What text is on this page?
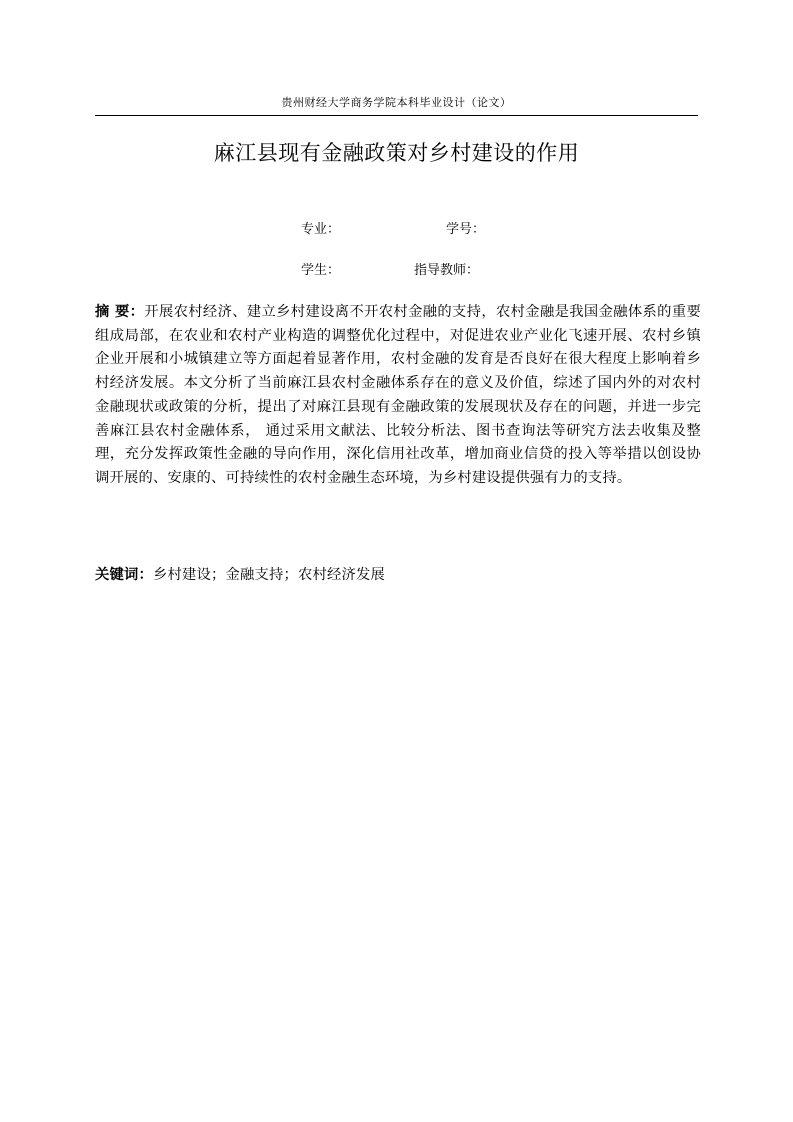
贵州财经大学商务学院本科毕业设计（论文）
麻江县现有金融政策对乡村建设的作用
专业：	学号：
学生：	指导教师：
摘 要：开展农村经济、建立乡村建设离不开农村金融的支持，农村金融是我国金融体系的重要组成局部，在农业和农村产业构造的调整优化过程中，对促进农业产业化飞速开展、农村乡镇企业开展和小城镇建立等方面起着显著作用，农村金融的发育是否良好在很大程度上影响着乡村经济发展。本文分析了当前麻江县农村金融体系存在的意义及价值，综述了国内外的对农村金融现状或政策的分析，提出了对麻江县现有金融政策的发展现状及存在的问题，并进一步完善麻江县农村金融体系， 通过采用文献法、比较分析法、图书查询法等研究方法去收集及整理，充分发挥政策性金融的导向作用，深化信用社改革，增加商业信贷的投入等举措以创设协调开展的、安康的、可持续性的农村金融生态环境，为乡村建设提供强有力的支持。
关键词：乡村建设；金融支持；农村经济发展
